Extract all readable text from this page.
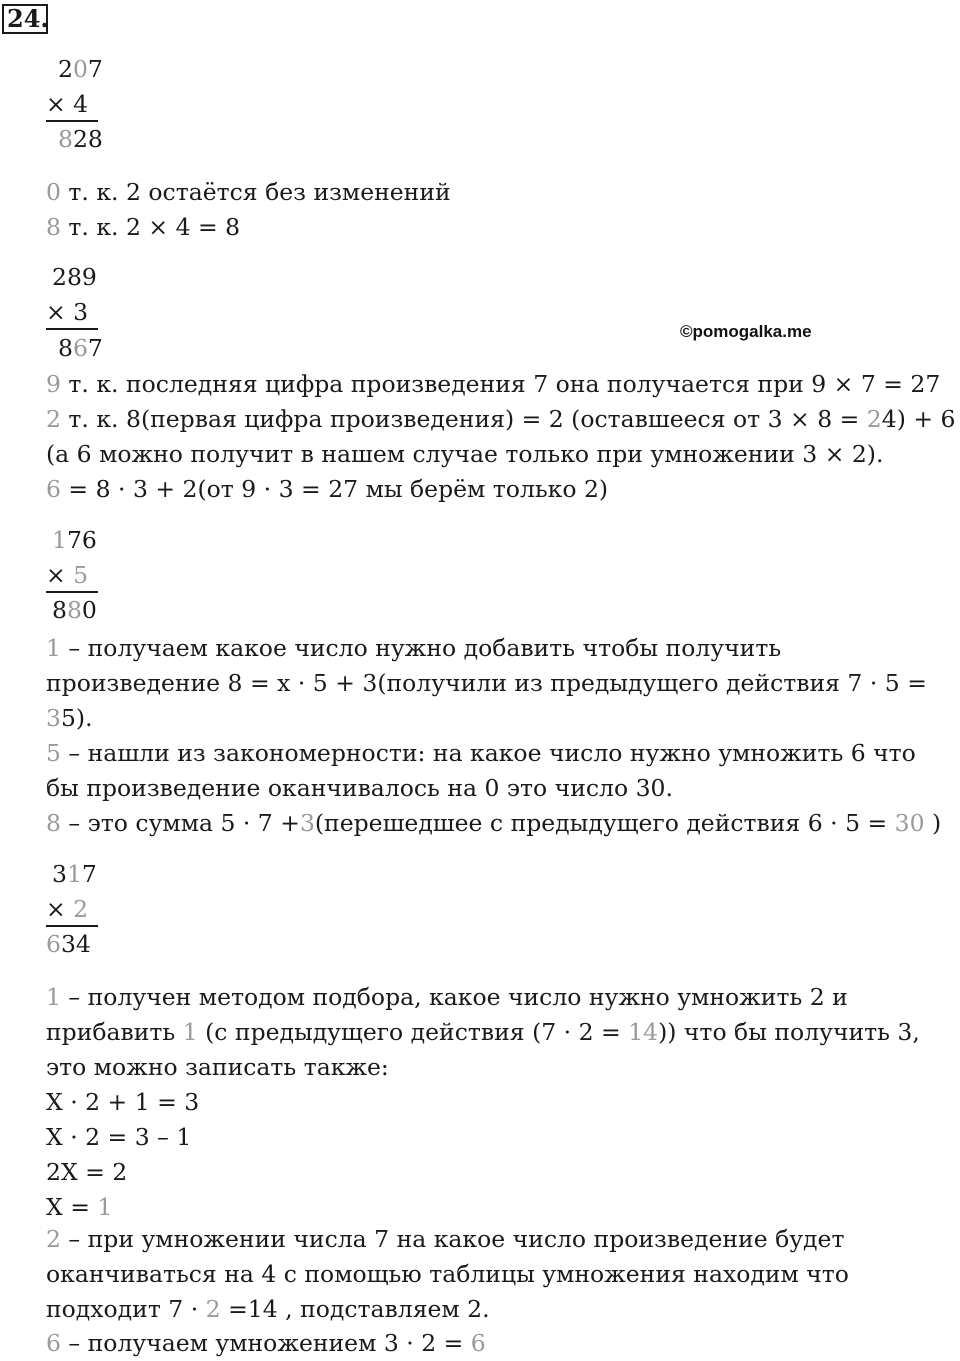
24.
©pomogalka.me
207
× 4
828
0 т. к. 2 остаётся без изменений
8 т. к. 2 × 4 = 8
289
× 3
867
9 т. к. последняя цифра произведения 7 она получается при 9 × 7 = 27
2 т. к. 8(первая цифра произведения) = 2 (оставшееся от 3 × 8 = 24) + 6
(а 6 можно получит в нашем случае только при умножении 3 × 2).
6 = 8 · 3 + 2(от 9 · 3 = 27 мы берём только 2)
176
× 5
880
1 – получаем какое число нужно добавить чтобы получить
произведение 8 = x · 5 + 3(получили из предыдущего действия 7 · 5 =
35).
5 – нашли из закономерности: на какое число нужно умножить 6 что
бы произведение оканчивалось на 0 это число 30.
8 – это сумма 5 · 7 +3(перешедшее с предыдущего действия 6 · 5 = 30 )
317
× 2
634
1 – получен методом подбора, какое число нужно умножить 2 и
прибавить 1 (с предыдущего действия (7 · 2 = 14)) что бы получить 3,
это можно записать также:
X · 2 + 1 = 3
X · 2 = 3 – 1
2X = 2
X = 1
2 – при умножении числа 7 на какое число произведение будет
оканчиваться на 4 с помощью таблицы умножения находим что
подходит 7 · 2 =14 , подставляем 2.
6 – получаем умножением 3 · 2 = 6
